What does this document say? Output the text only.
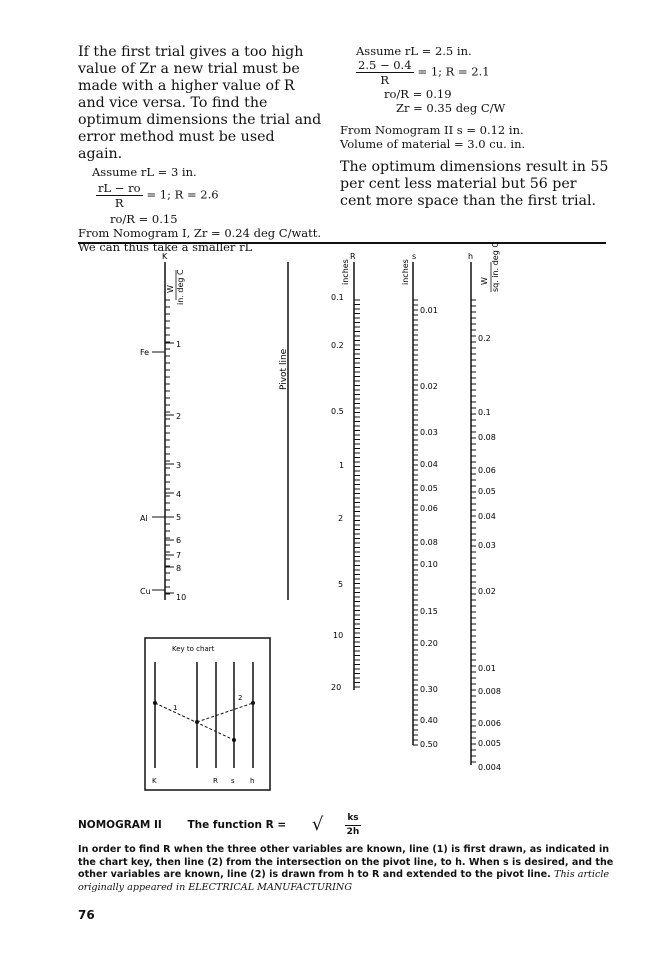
If the first trial gives a too high value of Zr a new trial must be made with a higher value of R and vice versa. To find the optimum dimensions the trial and error method must be used again.
Assume rL = 3 in.
$\frac{rL - ro}{R} = 1$; R = 2.6
ro/R = 0.15
From Nomogram I, Zr = 0.24 deg C/watt.
We can thus take a smaller rL
Assume rL = 2.5 in.
$\frac{2.5 - 0.4}{R} = 1$; R = 2.1
ro/R = 0.19
Zr = 0.35 deg C/W
From Nomogram II s = 0.12 in.
Volume of material = 3.0 cu. in.
The optimum dimensions result in 55 per cent less material but 56 per cent more space than the first trial.
K	R	s	h
W in. deg C
Pivot line
inches	inches	W sq. in. deg C
1
2
3
4
5
6
7
8
10
Fe
Al
Cu
0.1
0.2
0.5
1
2
5
10
20
0.01
0.02
0.03
0.04
0.05
0.06
0.08
0.10
0.15
0.20
0.30
0.40
0.50
0.2
0.1
0.08
0.06
0.05
0.04
0.03
0.02
0.01
0.008
0.006
0.005
0.004
Key to chart
1
2
K	R s h
NOMOGRAM II The function R = √ $\frac{ks}{2h}$
In order to find R when the three other variables are known, line (1) is first drawn, as indicated in the chart key, then line (2) from the intersection on the pivot line, to h. When s is desired, and the other variables are known, line (2) is drawn from h to R and extended to the pivot line. This article originally appeared in ELECTRICAL MANUFACTURING
76
